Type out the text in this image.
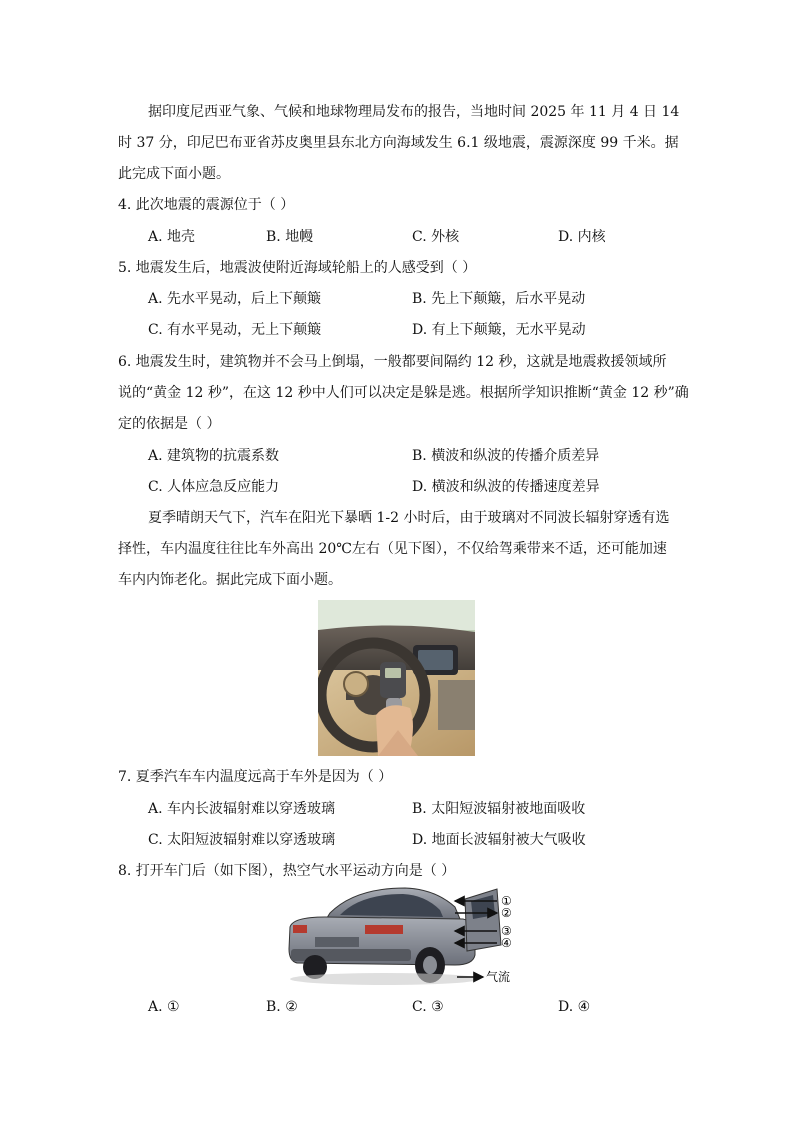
据印度尼西亚气象、气候和地球物理局发布的报告，当地时间 2025 年 11 月 4 日 14
时 37 分，印尼巴布亚省苏皮奥里县东北方向海域发生 6.1 级地震，震源深度 99 千米。据
此完成下面小题。
4. 此次地震的震源位于（ ）
A. 地壳	B. 地幔	C. 外核	D. 内核
5. 地震发生后，地震波使附近海域轮船上的人感受到（ ）
A. 先水平晃动，后上下颠簸	B. 先上下颠簸，后水平晃动
C. 有水平晃动，无上下颠簸	D. 有上下颠簸，无水平晃动
6. 地震发生时，建筑物并不会马上倒塌，一般都要间隔约 12 秒，这就是地震救援领域所
说的“黄金 12 秒”，在这 12 秒中人们可以决定是躲是逃。根据所学知识推断“黄金 12 秒”确
定的依据是（ ）
A. 建筑物的抗震系数	B. 横波和纵波的传播介质差异
C. 人体应急反应能力	D. 横波和纵波的传播速度差异
夏季晴朗天气下，汽车在阳光下暴晒 1-2 小时后，由于玻璃对不同波长辐射穿透有选
择性，车内温度往往比车外高出 20℃左右（见下图），不仅给驾乘带来不适，还可能加速
车内内饰老化。据此完成下面小题。
7. 夏季汽车车内温度远高于车外是因为（ ）
A. 车内长波辐射难以穿透玻璃	B. 太阳短波辐射被地面吸收
C. 太阳短波辐射难以穿透玻璃	D. 地面长波辐射被大气吸收
8. 打开车门后（如下图），热空气水平运动方向是（ ）
①
②
③
④
气流
A. ①	B. ②	C. ③	D. ④
